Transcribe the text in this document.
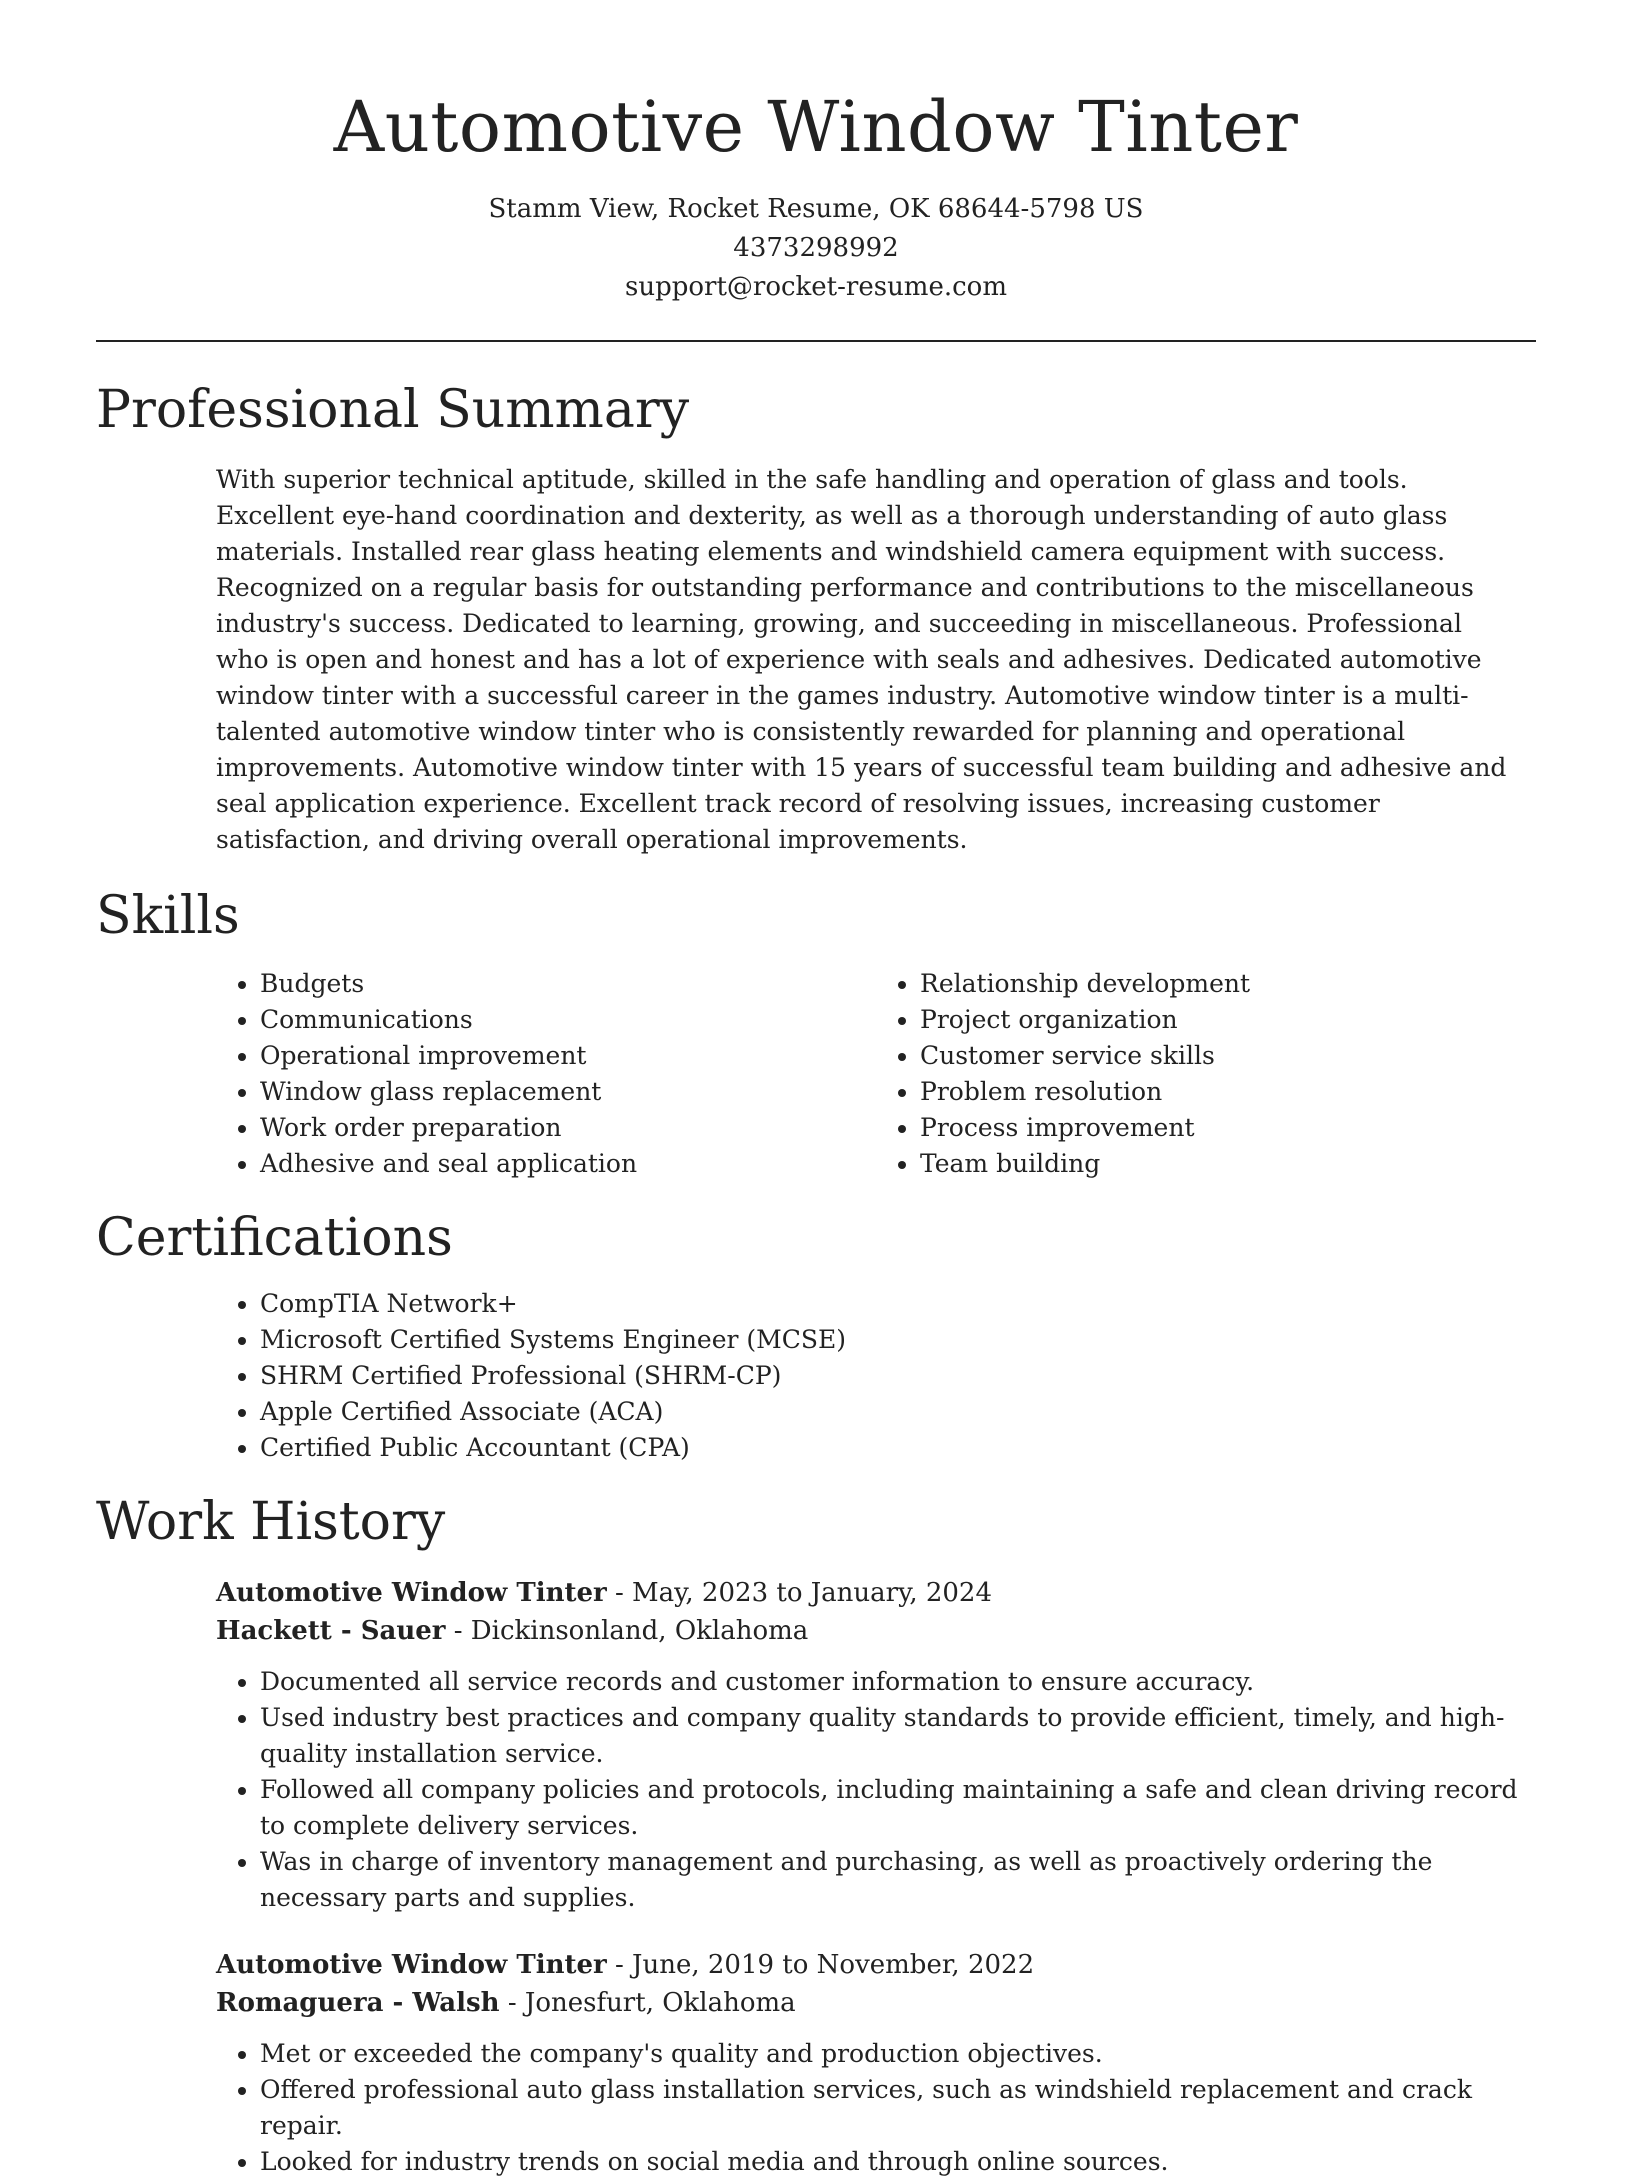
Automotive Window Tinter
Stamm View, Rocket Resume, OK 68644-5798 US
4373298992
support@rocket-resume.com
Professional Summary
With superior technical aptitude, skilled in the safe handling and operation of glass and tools. Excellent eye-hand coordination and dexterity, as well as a thorough understanding of auto glass materials. Installed rear glass heating elements and windshield camera equipment with success. Recognized on a regular basis for outstanding performance and contributions to the miscellaneous industry's success. Dedicated to learning, growing, and succeeding in miscellaneous. Professional who is open and honest and has a lot of experience with seals and adhesives. Dedicated automotive window tinter with a successful career in the games industry. Automotive window tinter is a multi-talented automotive window tinter who is consistently rewarded for planning and operational improvements. Automotive window tinter with 15 years of successful team building and adhesive and seal application experience. Excellent track record of resolving issues, increasing customer satisfaction, and driving overall operational improvements.
Skills
• Budgets
• Communications
• Operational improvement
• Window glass replacement
• Work order preparation
• Adhesive and seal application
• Relationship development
• Project organization
• Customer service skills
• Problem resolution
• Process improvement
• Team building
Certifications
• CompTIA Network+
• Microsoft Certified Systems Engineer (MCSE)
• SHRM Certified Professional (SHRM-CP)
• Apple Certified Associate (ACA)
• Certified Public Accountant (CPA)
Work History
Automotive Window Tinter - May, 2023 to January, 2024
Hackett - Sauer - Dickinsonland, Oklahoma
• Documented all service records and customer information to ensure accuracy.
• Used industry best practices and company quality standards to provide efficient, timely, and high-quality installation service.
• Followed all company policies and protocols, including maintaining a safe and clean driving record to complete delivery services.
• Was in charge of inventory management and purchasing, as well as proactively ordering the necessary parts and supplies.
Automotive Window Tinter - June, 2019 to November, 2022
Romaguera - Walsh - Jonesfurt, Oklahoma
• Met or exceeded the company's quality and production objectives.
• Offered professional auto glass installation services, such as windshield replacement and crack repair.
• Looked for industry trends on social media and through online sources.
